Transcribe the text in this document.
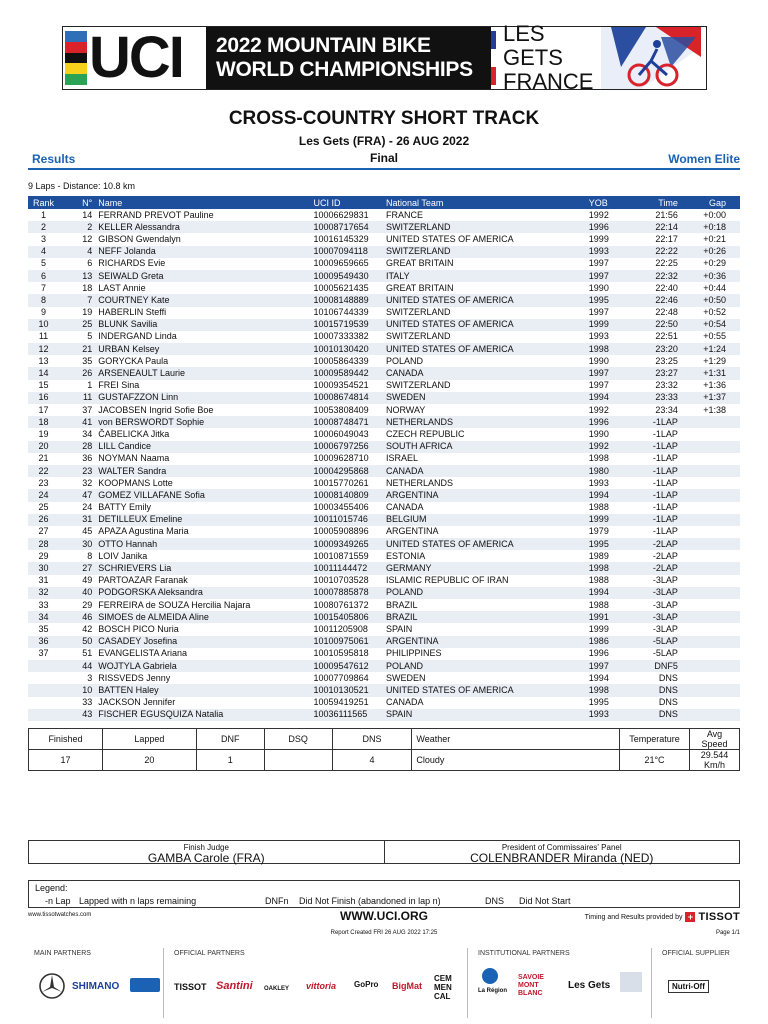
UCI 2022 MOUNTAIN BIKE
WORLD CHAMPIONSHIPS
LES GETS
FRANCE
CROSS-COUNTRY SHORT TRACK
Les Gets (FRA) - 26 AUG 2022
Final
Results	Women Elite
9 Laps - Distance: 10.8 km
Rank	N°	Name	UCI ID	National Team	YOB	Time	Gap
1	14	FERRAND PREVOT Pauline	10006629831	FRANCE	1992	21:56	+0:00
2	2	KELLER Alessandra	10008717654	SWITZERLAND	1996	22:14	+0:18
3	12	GIBSON Gwendalyn	10016145329	UNITED STATES OF AMERICA	1999	22:17	+0:21
4	4	NEFF Jolanda	10007094118	SWITZERLAND	1993	22:22	+0:26
5	6	RICHARDS Evie	10009659665	GREAT BRITAIN	1997	22:25	+0:29
6	13	SEIWALD Greta	10009549430	ITALY	1997	22:32	+0:36
7	18	LAST Annie	10005621435	GREAT BRITAIN	1990	22:40	+0:44
8	7	COURTNEY Kate	10008148889	UNITED STATES OF AMERICA	1995	22:46	+0:50
9	19	HABERLIN Steffi	10106744339	SWITZERLAND	1997	22:48	+0:52
10	25	BLUNK Savilia	10015719539	UNITED STATES OF AMERICA	1999	22:50	+0:54
11	5	INDERGAND Linda	10007333382	SWITZERLAND	1993	22:51	+0:55
12	21	URBAN Kelsey	10010130420	UNITED STATES OF AMERICA	1998	23:20	+1:24
13	35	GORYCKA Paula	10005864339	POLAND	1990	23:25	+1:29
14	26	ARSENEAULT Laurie	10009589442	CANADA	1997	23:27	+1:31
15	1	FREI Sina	10009354521	SWITZERLAND	1997	23:32	+1:36
16	11	GUSTAFZZON Linn	10008674814	SWEDEN	1994	23:33	+1:37
17	37	JACOBSEN Ingrid Sofie Boe	10053808409	NORWAY	1992	23:34	+1:38
18	41	von BERSWORDT Sophie	10008748471	NETHERLANDS	1996	-1LAP	
19	34	ČABELICKA Jitka	10006049043	CZECH REPUBLIC	1990	-1LAP	
20	28	LILL Candice	10006797256	SOUTH AFRICA	1992	-1LAP	
21	36	NOYMAN Naama	10009628710	ISRAEL	1998	-1LAP	
22	23	WALTER Sandra	10004295868	CANADA	1980	-1LAP	
23	32	KOOPMANS Lotte	10015770261	NETHERLANDS	1993	-1LAP	
24	47	GOMEZ VILLAFANE Sofia	10008140809	ARGENTINA	1994	-1LAP	
25	24	BATTY Emily	10003455406	CANADA	1988	-1LAP	
26	31	DETILLEUX Emeline	10011015746	BELGIUM	1999	-1LAP	
27	45	APAZA Agustina Maria	10005908896	ARGENTINA	1979	-1LAP	
28	30	OTTO Hannah	10009349265	UNITED STATES OF AMERICA	1995	-2LAP	
29	8	LOIV Janika	10010871559	ESTONIA	1989	-2LAP	
30	27	SCHRIEVERS Lia	10011144472	GERMANY	1998	-2LAP	
31	49	PARTOAZAR Faranak	10010703528	ISLAMIC REPUBLIC OF IRAN	1988	-3LAP	
32	40	PODGORSKA Aleksandra	10007885878	POLAND	1994	-3LAP	
33	29	FERREIRA de SOUZA Hercilia Najara	10080761372	BRAZIL	1988	-3LAP	
34	46	SIMOES de ALMEIDA Aline	10015405806	BRAZIL	1991	-3LAP	
35	42	BOSCH PICO Nuria	10011205908	SPAIN	1999	-3LAP	
36	50	CASADEY Josefina	10100975061	ARGENTINA	1986	-5LAP	
37	51	EVANGELISTA Ariana	10010595818	PHILIPPINES	1996	-5LAP	
	44	WOJTYLA Gabriela	10009547612	POLAND	1997	DNF5	
	3	RISSVEDS Jenny	10007709864	SWEDEN	1994	DNS	
	10	BATTEN Haley	10010130521	UNITED STATES OF AMERICA	1998	DNS	
	33	JACKSON Jennifer	10059419251	CANADA	1995	DNS	
	43	FISCHER EGUSQUIZA Natalia	10036111565	SPAIN	1993	DNS	
Finished	Lapped	DNF	DSQ	DNS	Weather	Temperature	Avg Speed
17	20	1		4	Cloudy	21°C	29.544 Km/h
Finish Judge
GAMBA Carole (FRA)
President of Commissaires' Panel
COLENBRANDER Miranda (NED)
Legend:
-n Lap Lapped with n laps remaining	DNFn Did Not Finish (abandoned in lap n)	DNS Did Not Start
www.tissotwatches.com	WWW.UCI.ORG	Timing and Results provided by + TISSOT
Report Created FRI 26 AUG 2022 17:25	Page 1/1
MAIN PARTNERS
SHIMANO
OFFICIAL PARTNERS
TISSOT Santini OAKLEY vittoria GoPro BigMat
CEM MEN CAL
INSTITUTIONAL PARTNERS
La Région
SAVOIE MONT BLANC
Les Gets
OFFICIAL SUPPLIER
Nutri-Off
